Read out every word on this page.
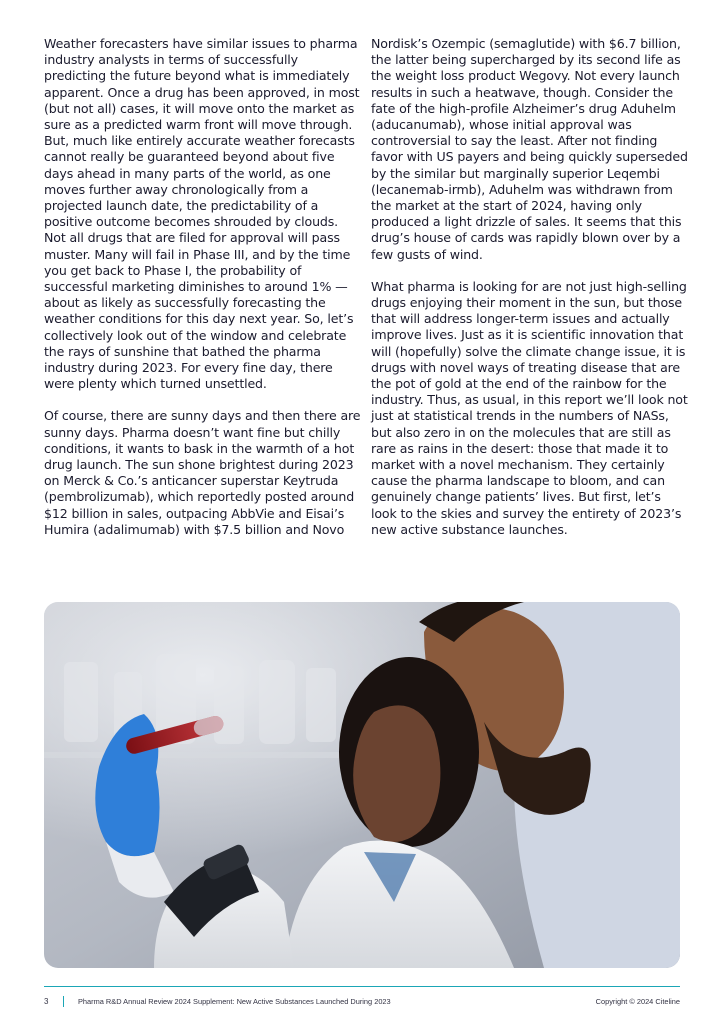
Weather forecasters have similar issues to pharma industry analysts in terms of successfully predicting the future beyond what is immediately apparent. Once a drug has been approved, in most (but not all) cases, it will move onto the market as sure as a predicted warm front will move through. But, much like entirely accurate weather forecasts cannot really be guaranteed beyond about five days ahead in many parts of the world, as one moves further away chronologically from a projected launch date, the predictability of a positive outcome becomes shrouded by clouds. Not all drugs that are filed for approval will pass muster. Many will fail in Phase III, and by the time you get back to Phase I, the probability of successful marketing diminishes to around 1% — about as likely as successfully forecasting the weather conditions for this day next year. So, let’s collectively look out of the window and celebrate the rays of sunshine that bathed the pharma industry during 2023. For every fine day, there were plenty which turned unsettled.

Of course, there are sunny days and then there are sunny days. Pharma doesn’t want fine but chilly conditions, it wants to bask in the warmth of a hot drug launch. The sun shone brightest during 2023 on Merck & Co.’s anticancer superstar Keytruda (pembrolizumab), which reportedly posted around $12 billion in sales, outpacing AbbVie and Eisai’s Humira (adalimumab) with $7.5 billion and Novo

Nordisk’s Ozempic (semaglutide) with $6.7 billion, the latter being supercharged by its second life as the weight loss product Wegovy. Not every launch results in such a heatwave, though. Consider the fate of the high-profile Alzheimer’s drug Aduhelm (aducanumab), whose initial approval was controversial to say the least. After not finding favor with US payers and being quickly superseded by the similar but marginally superior Leqembi (lecanemab-irmb), Aduhelm was withdrawn from the market at the start of 2024, having only produced a light drizzle of sales. It seems that this drug’s house of cards was rapidly blown over by a few gusts of wind.

What pharma is looking for are not just high-selling drugs enjoying their moment in the sun, but those that will address longer-term issues and actually improve lives. Just as it is scientific innovation that will (hopefully) solve the climate change issue, it is drugs with novel ways of treating disease that are the pot of gold at the end of the rainbow for the industry. Thus, as usual, in this report we’ll look not just at statistical trends in the numbers of NASs, but also zero in on the molecules that are still as rare as rains in the desert: those that made it to market with a novel mechanism. They certainly cause the pharma landscape to bloom, and can genuinely change patients’ lives. But first, let’s look to the skies and survey the entirety of 2023’s new active substance launches.

3	Pharma R&D Annual Review 2024 Supplement: New Active Substances Launched During 2023	Copyright © 2024 Citeline
